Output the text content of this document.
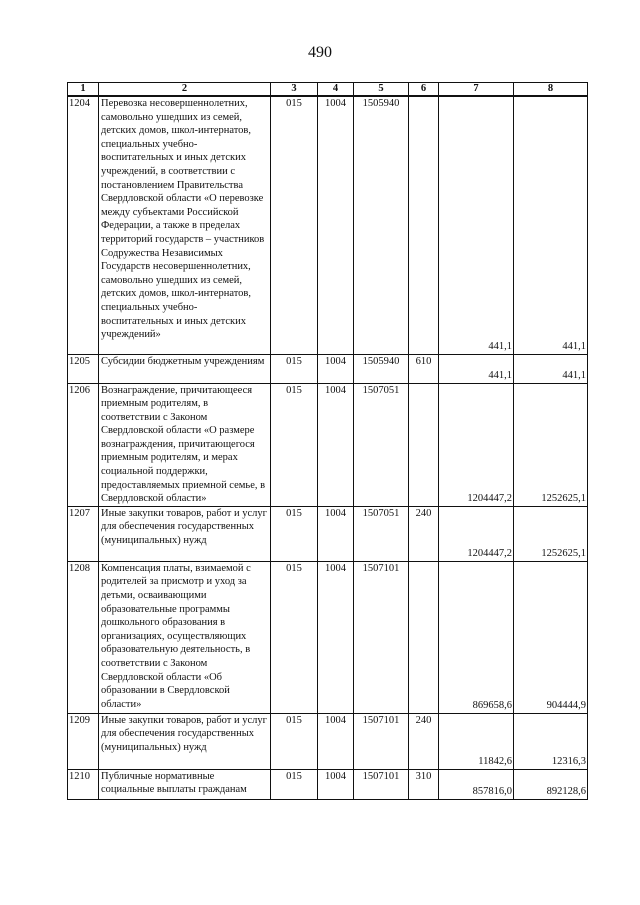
490
1	2	3	4	5	6	7	8
1204	Перевозка несовершеннолетних, самовольно ушедших из семей, детских домов, школ-интернатов, специальных учебно-воспитательных и иных детских учреждений, в соответствии с постановлением Правительства Свердловской области «О перевозке между субъектами Российской Федерации, а также в пределах территорий государств – участников Содружества Независимых Государств несовершеннолетних, самовольно ушедших из семей, детских домов, школ-интернатов, специальных учебно-воспитательных и иных детских учреждений»	015	1004	1505940		441,1	441,1
1205	Субсидии бюджетным учреждениям	015	1004	1505940	610	441,1	441,1
1206	Вознаграждение, причитающееся приемным родителям, в соответствии с Законом Свердловской области «О размере вознаграждения, причитающегося приемным родителям, и мерах социальной поддержки, предоставляемых приемной семье, в Свердловской области»	015	1004	1507051		1204447,2	1252625,1
1207	Иные закупки товаров, работ и услуг для обеспечения государственных (муниципальных) нужд	015	1004	1507051	240	1204447,2	1252625,1
1208	Компенсация платы, взимаемой с родителей за присмотр и уход за детьми, осваивающими образовательные программы дошкольного образования в организациях, осуществляющих образовательную деятельность, в соответствии с Законом Свердловской области «Об образовании в Свердловской области»	015	1004	1507101		869658,6	904444,9
1209	Иные закупки товаров, работ и услуг для обеспечения государственных (муниципальных) нужд	015	1004	1507101	240	11842,6	12316,3
1210	Публичные нормативные социальные выплаты гражданам	015	1004	1507101	310	857816,0	892128,6
